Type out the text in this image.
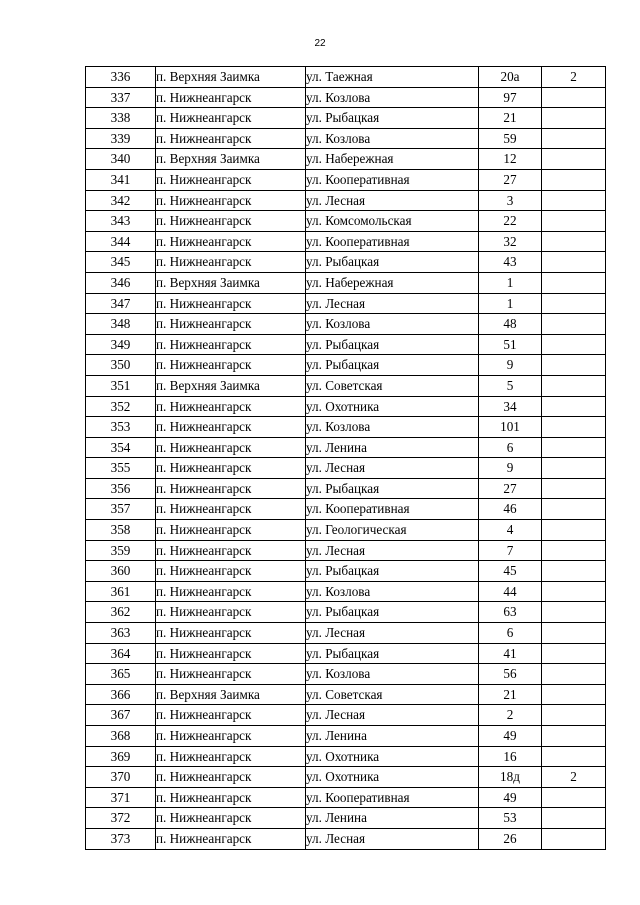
22
336	п. Верхняя Заимка	ул. Таежная	20а	2
337	п. Нижнеангарск	ул. Козлова	97	
338	п. Нижнеангарск	ул. Рыбацкая	21	
339	п. Нижнеангарск	ул. Козлова	59	
340	п. Верхняя Заимка	ул. Набережная	12	
341	п. Нижнеангарск	ул. Кооперативная	27	
342	п. Нижнеангарск	ул. Лесная	3	
343	п. Нижнеангарск	ул. Комсомольская	22	
344	п. Нижнеангарск	ул. Кооперативная	32	
345	п. Нижнеангарск	ул. Рыбацкая	43	
346	п. Верхняя Заимка	ул. Набережная	1	
347	п. Нижнеангарск	ул. Лесная	1	
348	п. Нижнеангарск	ул. Козлова	48	
349	п. Нижнеангарск	ул. Рыбацкая	51	
350	п. Нижнеангарск	ул. Рыбацкая	9	
351	п. Верхняя Заимка	ул. Советская	5	
352	п. Нижнеангарск	ул. Охотника	34	
353	п. Нижнеангарск	ул. Козлова	101	
354	п. Нижнеангарск	ул. Ленина	6	
355	п. Нижнеангарск	ул. Лесная	9	
356	п. Нижнеангарск	ул. Рыбацкая	27	
357	п. Нижнеангарск	ул. Кооперативная	46	
358	п. Нижнеангарск	ул. Геологическая	4	
359	п. Нижнеангарск	ул. Лесная	7	
360	п. Нижнеангарск	ул. Рыбацкая	45	
361	п. Нижнеангарск	ул. Козлова	44	
362	п. Нижнеангарск	ул. Рыбацкая	63	
363	п. Нижнеангарск	ул. Лесная	6	
364	п. Нижнеангарск	ул. Рыбацкая	41	
365	п. Нижнеангарск	ул. Козлова	56	
366	п. Верхняя Заимка	ул. Советская	21	
367	п. Нижнеангарск	ул. Лесная	2	
368	п. Нижнеангарск	ул. Ленина	49	
369	п. Нижнеангарск	ул. Охотника	16	
370	п. Нижнеангарск	ул. Охотника	18д	2
371	п. Нижнеангарск	ул. Кооперативная	49	
372	п. Нижнеангарск	ул. Ленина	53	
373	п. Нижнеангарск	ул. Лесная	26	
